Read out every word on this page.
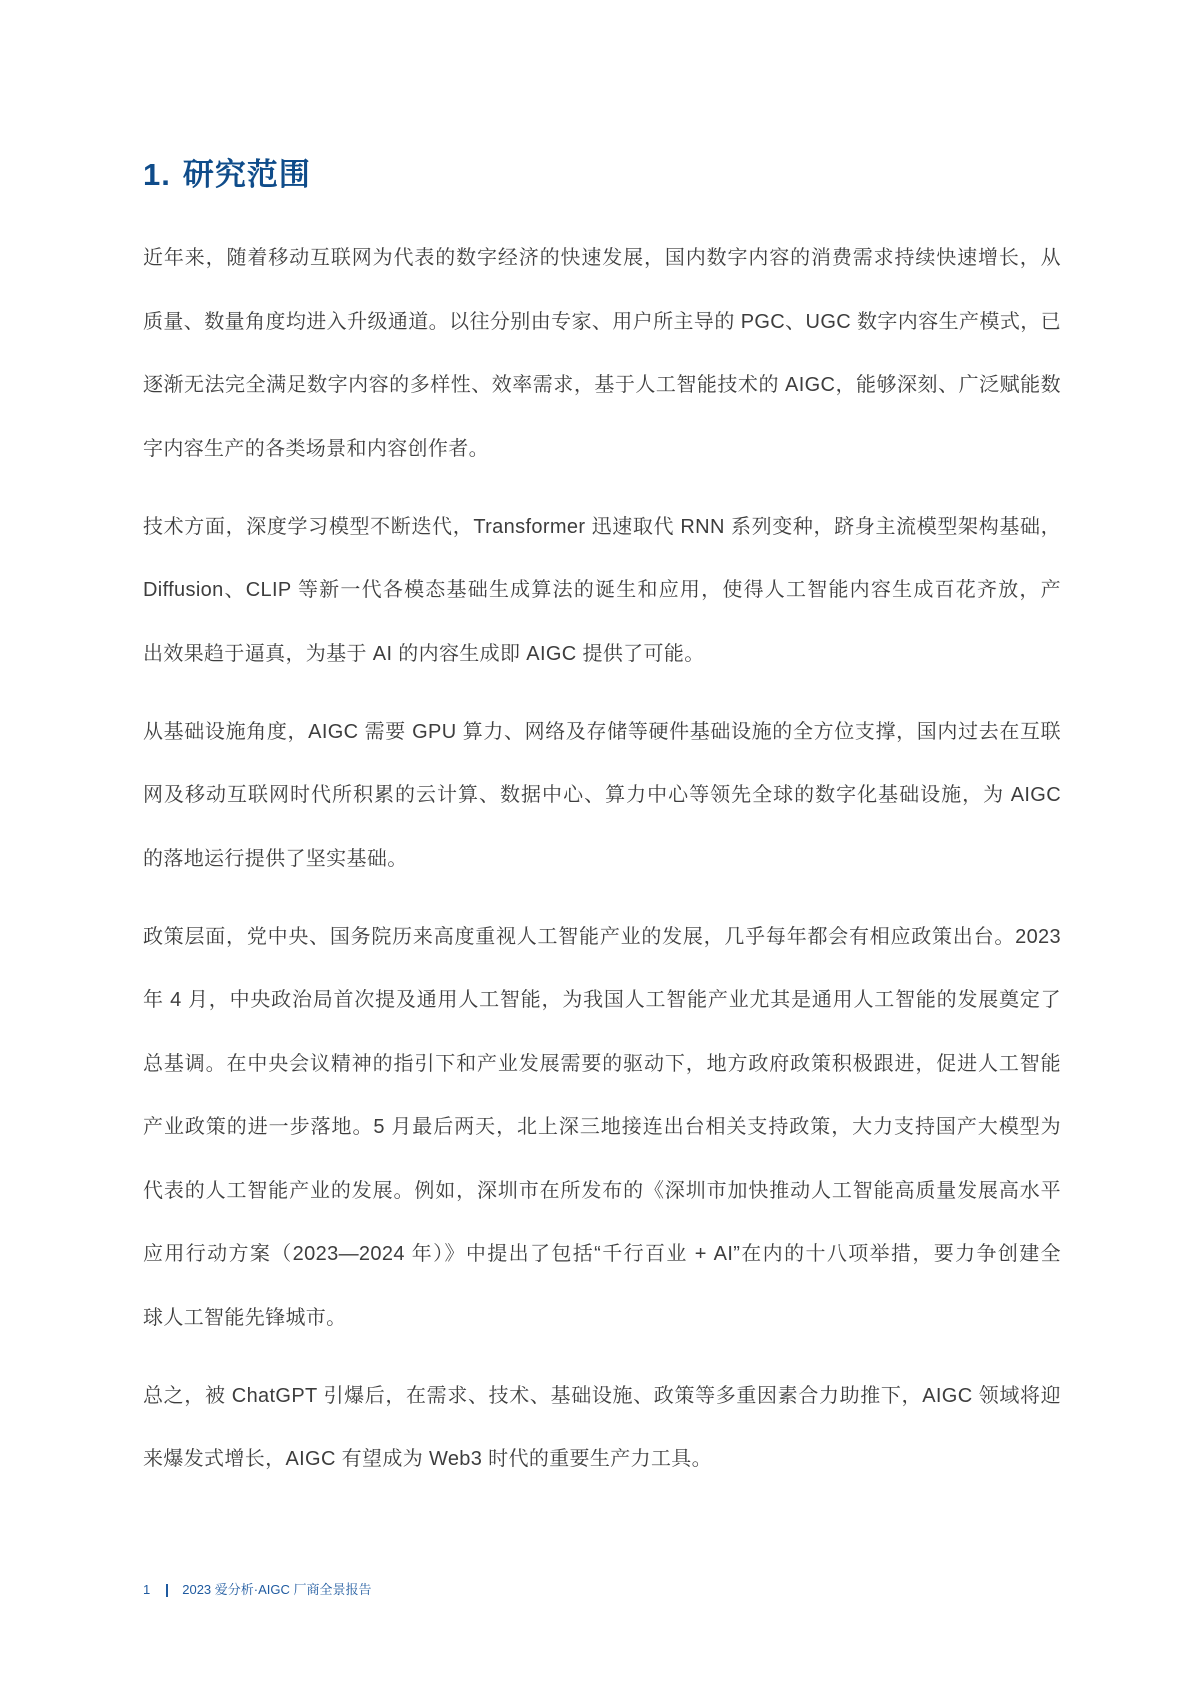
1. 研究范围

近年来，随着移动互联网为代表的数字经济的快速发展，国内数字内容的消费需求持续快速增长，从
质量、数量角度均进入升级通道。以往分别由专家、用户所主导的 PGC、UGC 数字内容生产模式，已
逐渐无法完全满足数字内容的多样性、效率需求，基于人工智能技术的 AIGC，能够深刻、广泛赋能数
字内容生产的各类场景和内容创作者。

技术方面，深度学习模型不断迭代，Transformer 迅速取代 RNN 系列变种，跻身主流模型架构基础，
Diffusion、CLIP 等新一代各模态基础生成算法的诞生和应用，使得人工智能内容生成百花齐放，产
出效果趋于逼真，为基于 AI 的内容生成即 AIGC 提供了可能。

从基础设施角度，AIGC 需要 GPU 算力、网络及存储等硬件基础设施的全方位支撑，国内过去在互联
网及移动互联网时代所积累的云计算、数据中心、算力中心等领先全球的数字化基础设施，为 AIGC
的落地运行提供了坚实基础。

政策层面，党中央、国务院历来高度重视人工智能产业的发展，几乎每年都会有相应政策出台。2023
年 4 月，中央政治局首次提及通用人工智能，为我国人工智能产业尤其是通用人工智能的发展奠定了
总基调。在中央会议精神的指引下和产业发展需要的驱动下，地方政府政策积极跟进，促进人工智能
产业政策的进一步落地。5 月最后两天，北上深三地接连出台相关支持政策，大力支持国产大模型为
代表的人工智能产业的发展。例如，深圳市在所发布的《深圳市加快推动人工智能高质量发展高水平
应用行动方案（2023—2024 年）》中提出了包括“千行百业 + AI”在内的十八项举措，要力争创建全
球人工智能先锋城市。

总之，被 ChatGPT 引爆后，在需求、技术、基础设施、政策等多重因素合力助推下，AIGC 领域将迎
来爆发式增长，AIGC 有望成为 Web3 时代的重要生产力工具。

1 2023 爱分析·AIGC 厂商全景报告
